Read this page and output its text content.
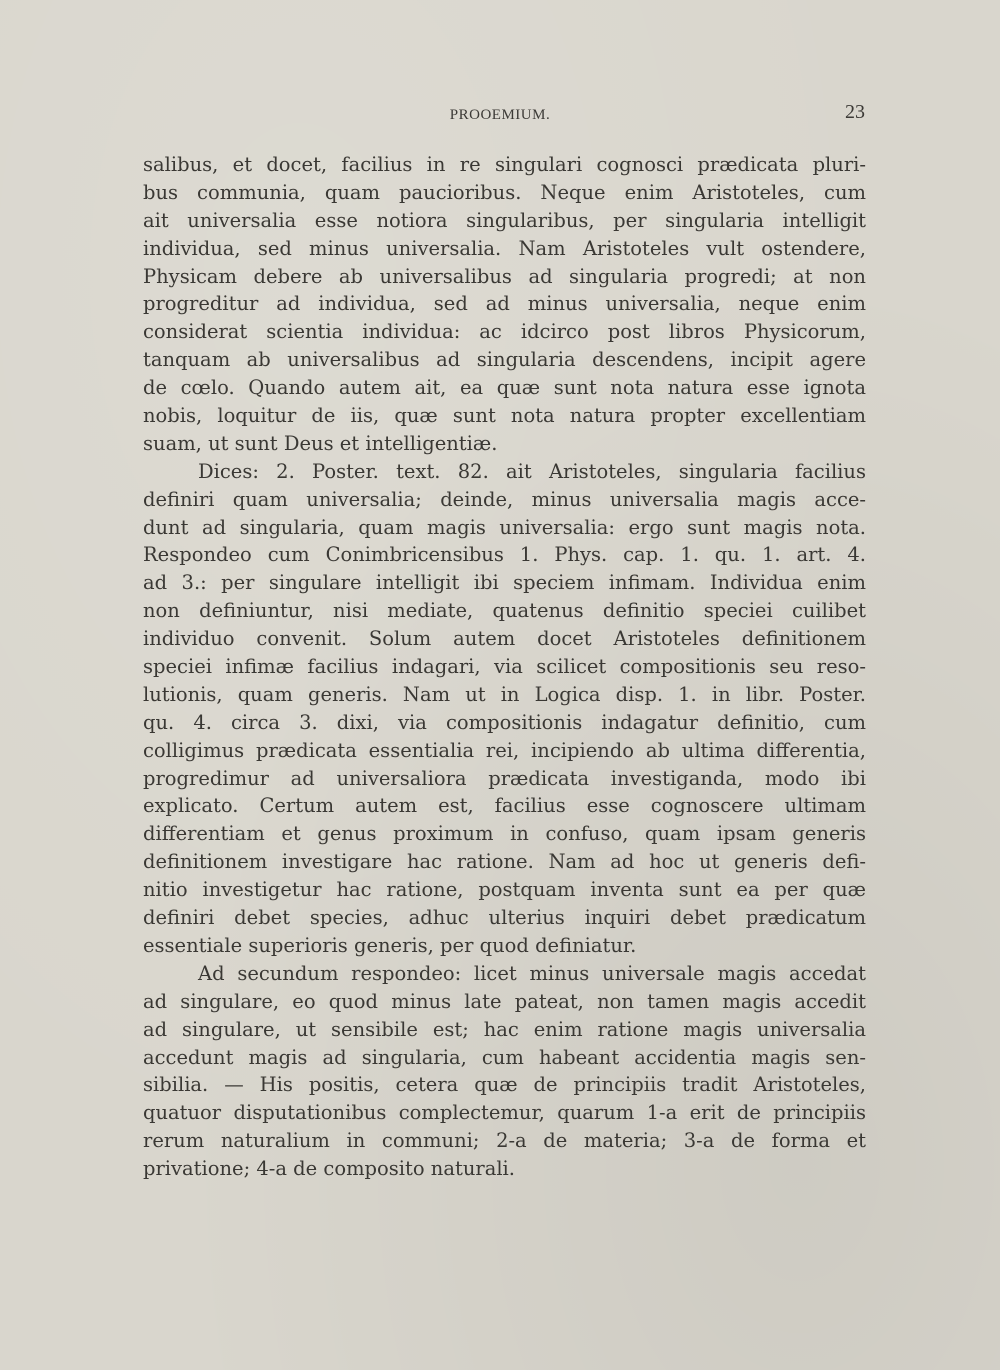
PROOEMIUM.	23
salibus, et docet, facilius in re singulari cognosci prædicata pluri-
bus communia, quam paucioribus. Neque enim Aristoteles, cum
ait universalia esse notiora singularibus, per singularia intelligit
individua, sed minus universalia. Nam Aristoteles vult ostendere,
Physicam debere ab universalibus ad singularia progredi; at non
progreditur ad individua, sed ad minus universalia, neque enim
considerat scientia individua: ac idcirco post libros Physicorum,
tanquam ab universalibus ad singularia descendens, incipit agere
de cœlo. Quando autem ait, ea quæ sunt nota natura esse ignota
nobis, loquitur de iis, quæ sunt nota natura propter excellentiam
suam, ut sunt Deus et intelligentiæ.
Dices: 2. Poster. text. 82. ait Aristoteles, singularia facilius
definiri quam universalia; deinde, minus universalia magis acce-
dunt ad singularia, quam magis universalia: ergo sunt magis nota.
Respondeo cum Conimbricensibus 1. Phys. cap. 1. qu. 1. art. 4.
ad 3.: per singulare intelligit ibi speciem infimam. Individua enim
non definiuntur, nisi mediate, quatenus definitio speciei cuilibet
individuo convenit. Solum autem docet Aristoteles definitionem
speciei infimæ facilius indagari, via scilicet compositionis seu reso-
lutionis, quam generis. Nam ut in Logica disp. 1. in libr. Poster.
qu. 4. circa 3. dixi, via compositionis indagatur definitio, cum
colligimus prædicata essentialia rei, incipiendo ab ultima differentia,
progredimur ad universaliora prædicata investiganda, modo ibi
explicato. Certum autem est, facilius esse cognoscere ultimam
differentiam et genus proximum in confuso, quam ipsam generis
definitionem investigare hac ratione. Nam ad hoc ut generis defi-
nitio investigetur hac ratione, postquam inventa sunt ea per quæ
definiri debet species, adhuc ulterius inquiri debet prædicatum
essentiale superioris generis, per quod definiatur.
Ad secundum respondeo: licet minus universale magis accedat
ad singulare, eo quod minus late pateat, non tamen magis accedit
ad singulare, ut sensibile est; hac enim ratione magis universalia
accedunt magis ad singularia, cum habeant accidentia magis sen-
sibilia. — His positis, cetera quæ de principiis tradit Aristoteles,
quatuor disputationibus complectemur, quarum 1-a erit de principiis
rerum naturalium in communi; 2-a de materia; 3-a de forma et
privatione; 4-a de composito naturali.
